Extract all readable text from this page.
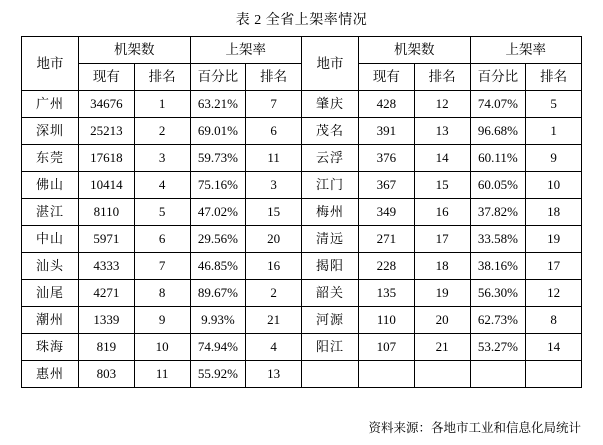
表 2 全省上架率情况
地市	机架数		上架率		地市	机架数		上架率	
	现有	排名	百分比	排名		现有	排名	百分比	排名
广州	34676	1	63.21%	7	肇庆	428	12	74.07%	5
深圳	25213	2	69.01%	6	茂名	391	13	96.68%	1
东莞	17618	3	59.73%	11	云浮	376	14	60.11%	9
佛山	10414	4	75.16%	3	江门	367	15	60.05%	10
湛江	8110	5	47.02%	15	梅州	349	16	37.82%	18
中山	5971	6	29.56%	20	清远	271	17	33.58%	19
汕头	4333	7	46.85%	16	揭阳	228	18	38.16%	17
汕尾	4271	8	89.67%	2	韶关	135	19	56.30%	12
潮州	1339	9	9.93%	21	河源	110	20	62.73%	8
珠海	819	10	74.94%	4	阳江	107	21	53.27%	14
惠州	803	11	55.92%	13					
资料来源：各地市工业和信息化局统计
